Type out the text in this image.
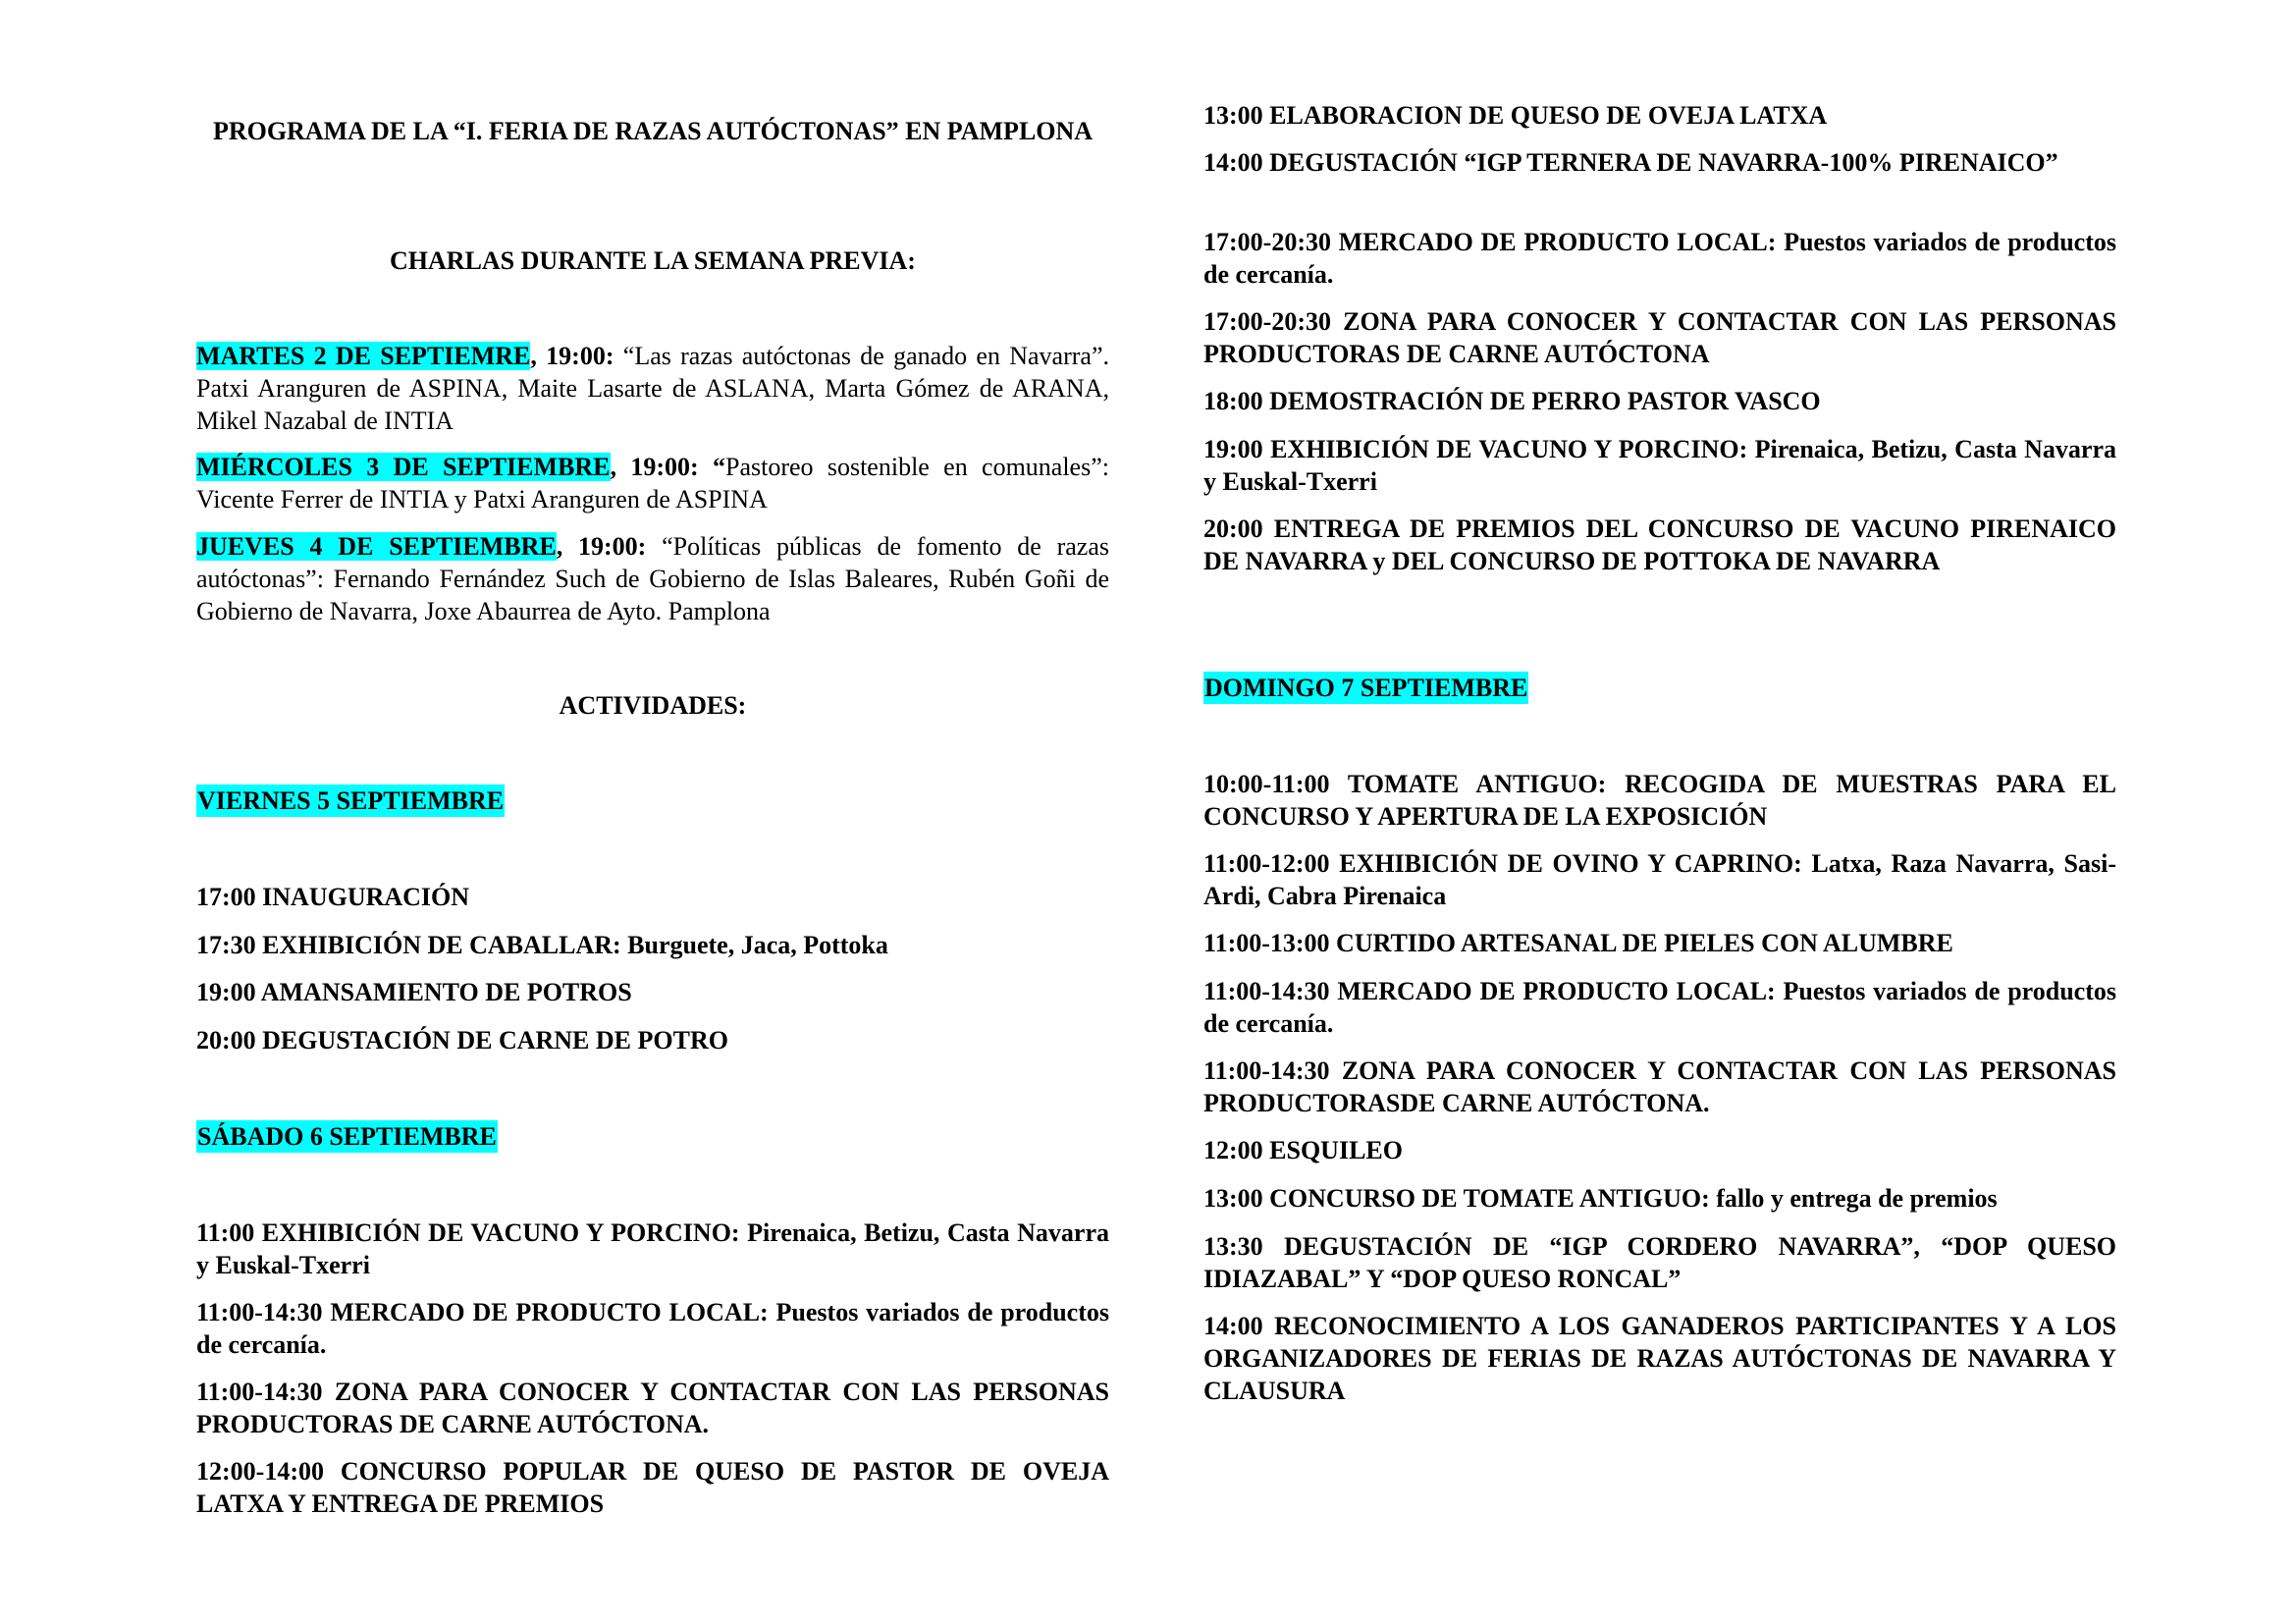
PROGRAMA DE LA “I. FERIA DE RAZAS AUTÓCTONAS” EN PAMPLONA

CHARLAS DURANTE LA SEMANA PREVIA:

MARTES 2 DE SEPTIEMRE, 19:00: “Las razas autóctonas de ganado en Navarra”. Patxi Aranguren de ASPINA, Maite Lasarte de ASLANA, Marta Gómez de ARANA, Mikel Nazabal de INTIA

MIÉRCOLES 3 DE SEPTIEMBRE, 19:00: “Pastoreo sostenible en comunales”: Vicente Ferrer de INTIA y Patxi Aranguren de ASPINA

JUEVES 4 DE SEPTIEMBRE, 19:00: “Políticas públicas de fomento de razas autóctonas”: Fernando Fernández Such de Gobierno de Islas Baleares, Rubén Goñi de Gobierno de Navarra, Joxe Abaurrea de Ayto. Pamplona

ACTIVIDADES:

VIERNES 5 SEPTIEMBRE

17:00 INAUGURACIÓN

17:30 EXHIBICIÓN DE CABALLAR: Burguete, Jaca, Pottoka

19:00 AMANSAMIENTO DE POTROS

20:00 DEGUSTACIÓN DE CARNE DE POTRO

SÁBADO 6 SEPTIEMBRE

11:00 EXHIBICIÓN DE VACUNO Y PORCINO: Pirenaica, Betizu, Casta Navarra y Euskal-Txerri

11:00-14:30 MERCADO DE PRODUCTO LOCAL: Puestos variados de productos de cercanía.

11:00-14:30 ZONA PARA CONOCER Y CONTACTAR CON LAS PERSONAS PRODUCTORAS DE CARNE AUTÓCTONA.

12:00-14:00 CONCURSO POPULAR DE QUESO DE PASTOR DE OVEJA LATXA Y ENTREGA DE PREMIOS

13:00 ELABORACION DE QUESO DE OVEJA LATXA

14:00 DEGUSTACIÓN “IGP TERNERA DE NAVARRA-100% PIRENAICO”

17:00-20:30 MERCADO DE PRODUCTO LOCAL: Puestos variados de productos de cercanía.

17:00-20:30 ZONA PARA CONOCER Y CONTACTAR CON LAS PERSONAS PRODUCTORAS DE CARNE AUTÓCTONA

18:00 DEMOSTRACIÓN DE PERRO PASTOR VASCO

19:00 EXHIBICIÓN DE VACUNO Y PORCINO: Pirenaica, Betizu, Casta Navarra y Euskal-Txerri

20:00 ENTREGA DE PREMIOS DEL CONCURSO DE VACUNO PIRENAICO DE NAVARRA y DEL CONCURSO DE POTTOKA DE NAVARRA

DOMINGO 7 SEPTIEMBRE

10:00-11:00 TOMATE ANTIGUO: RECOGIDA DE MUESTRAS PARA EL CONCURSO Y APERTURA DE LA EXPOSICIÓN

11:00-12:00 EXHIBICIÓN DE OVINO Y CAPRINO: Latxa, Raza Navarra, Sasi-Ardi, Cabra Pirenaica

11:00-13:00 CURTIDO ARTESANAL DE PIELES CON ALUMBRE

11:00-14:30 MERCADO DE PRODUCTO LOCAL: Puestos variados de productos de cercanía.

11:00-14:30 ZONA PARA CONOCER Y CONTACTAR CON LAS PERSONAS PRODUCTORASDE CARNE AUTÓCTONA.

12:00 ESQUILEO

13:00 CONCURSO DE TOMATE ANTIGUO: fallo y entrega de premios

13:30 DEGUSTACIÓN DE “IGP CORDERO NAVARRA”, “DOP QUESO IDIAZABAL” Y “DOP QUESO RONCAL”

14:00 RECONOCIMIENTO A LOS GANADEROS PARTICIPANTES Y A LOS ORGANIZADORES DE FERIAS DE RAZAS AUTÓCTONAS DE NAVARRA Y CLAUSURA
